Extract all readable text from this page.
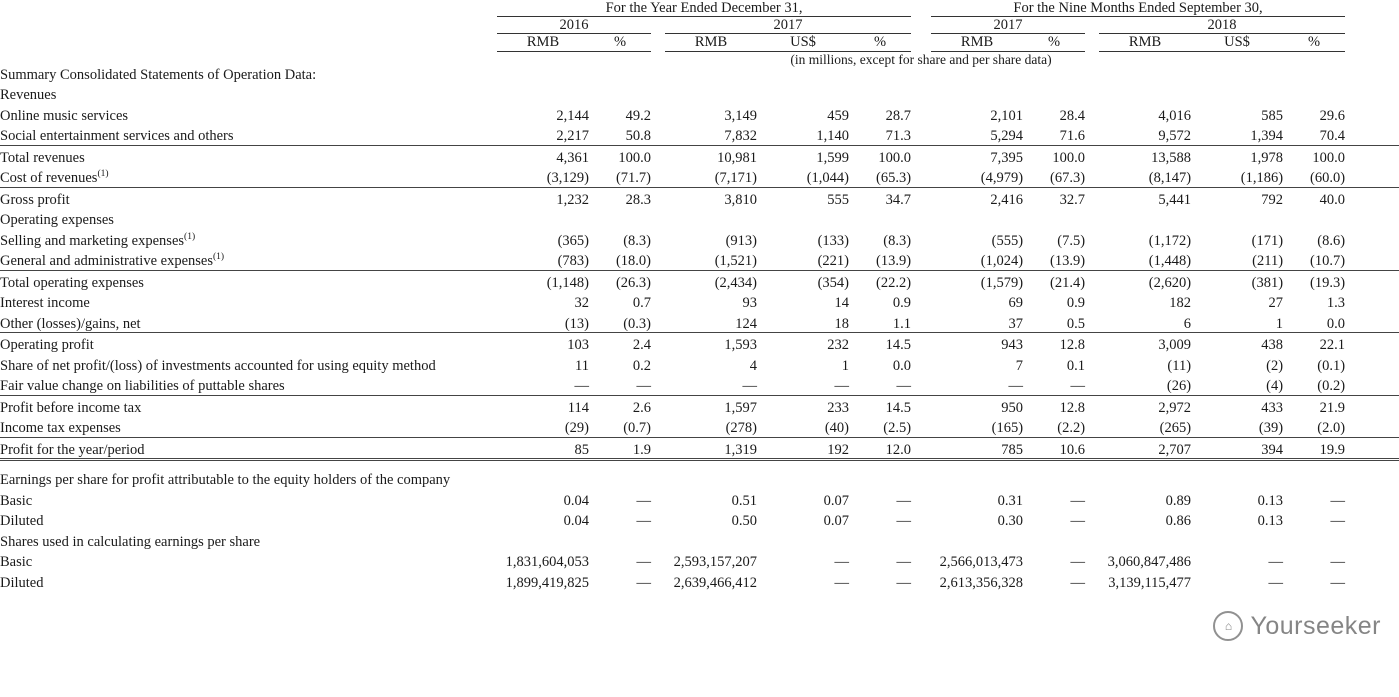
	For the Year Ended December 31,							For the Nine Months Ended September 30,						
	2016			2017				2017			2018			
	RMB	%		RMB	US$	%		RMB	%		RMB	US$	%	
	(in millions, except for share and per share data)													
Summary Consolidated Statements of Operation Data:														
Revenues														
Online music services	2,144	49.2		3,149	459	28.7		2,101	28.4		4,016	585	29.6	
Social entertainment services and others	2,217	50.8		7,832	1,140	71.3		5,294	71.6		9,572	1,394	70.4	
Total revenues	4,361	100.0		10,981	1,599	100.0		7,395	100.0		13,588	1,978	100.0	
Cost of revenues$^{(1)}$	(3,129)	(71.7)		(7,171)	(1,044)	(65.3)		(4,979)	(67.3)		(8,147)	(1,186)	(60.0)	
Gross profit	1,232	28.3		3,810	555	34.7		2,416	32.7		5,441	792	40.0	
Operating expenses														
Selling and marketing expenses$^{(1)}$	(365)	(8.3)		(913)	(133)	(8.3)		(555)	(7.5)		(1,172)	(171)	(8.6)	
General and administrative expenses$^{(1)}$	(783)	(18.0)		(1,521)	(221)	(13.9)		(1,024)	(13.9)		(1,448)	(211)	(10.7)	
Total operating expenses	(1,148)	(26.3)		(2,434)	(354)	(22.2)		(1,579)	(21.4)		(2,620)	(381)	(19.3)	
Interest income	32	0.7		93	14	0.9		69	0.9		182	27	1.3	
Other (losses)/gains, net	(13)	(0.3)		124	18	1.1		37	0.5		6	1	0.0	
Operating profit	103	2.4		1,593	232	14.5		943	12.8		3,009	438	22.1	
Share of net profit/(loss) of investments accounted for using equity method	11	0.2		4	1	0.0		7	0.1		(11)	(2)	(0.1)	
Fair value change on liabilities of puttable shares	—	—		—	—	—		—	—		(26)	(4)	(0.2)	
Profit before income tax	114	2.6		1,597	233	14.5		950	12.8		2,972	433	21.9	
Income tax expenses	(29)	(0.7)		(278)	(40)	(2.5)		(165)	(2.2)		(265)	(39)	(2.0)	
Profit for the year/period	85	1.9		1,319	192	12.0		785	10.6		2,707	394	19.9	

Earnings per share for profit attributable to the equity holders of the company														
Basic	0.04	—		0.51	0.07	—		0.31	—		0.89	0.13	—	
Diluted	0.04	—		0.50	0.07	—		0.30	—		0.86	0.13	—	
Shares used in calculating earnings per share														
Basic	1,831,604,053	—		2,593,157,207	—	—		2,566,013,473	—		3,060,847,486	—	—	
Diluted	1,899,419,825	—		2,639,466,412	—	—		2,613,356,328	—		3,139,115,477	—	—	
⌂ Yourseeker
